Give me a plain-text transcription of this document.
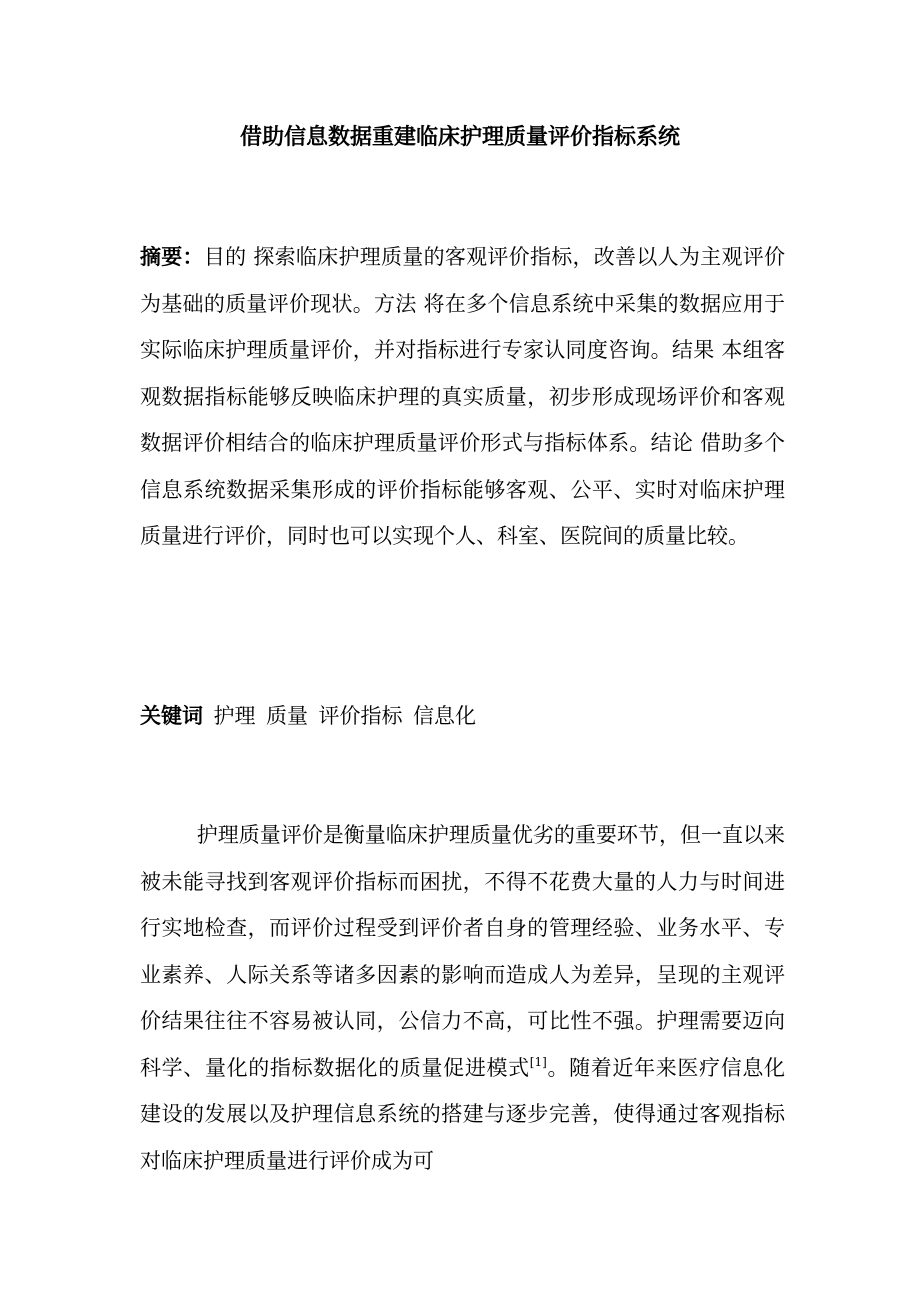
借助信息数据重建临床护理质量评价指标系统

摘要：目的 探索临床护理质量的客观评价指标，改善以人为主观评价为基础的质量评价现状。方法 将在多个信息系统中采集的数据应用于实际临床护理质量评价，并对指标进行专家认同度咨询。结果 本组客观数据指标能够反映临床护理的真实质量，初步形成现场评价和客观数据评价相结合的临床护理质量评价形式与指标体系。结论 借助多个信息系统数据采集形成的评价指标能够客观、公平、实时对临床护理质量进行评价，同时也可以实现个人、科室、医院间的质量比较。

关键词 护理 质量 评价指标 信息化

护理质量评价是衡量临床护理质量优劣的重要环节，但一直以来被未能寻找到客观评价指标而困扰，不得不花费大量的人力与时间进行实地检查，而评价过程受到评价者自身的管理经验、业务水平、专业素养、人际关系等诸多因素的影响而造成人为差异，呈现的主观评价结果往往不容易被认同，公信力不高，可比性不强。护理需要迈向科学、量化的指标数据化的质量促进模式[1]。随着近年来医疗信息化建设的发展以及护理信息系统的搭建与逐步完善，使得通过客观指标对临床护理质量进行评价成为可
